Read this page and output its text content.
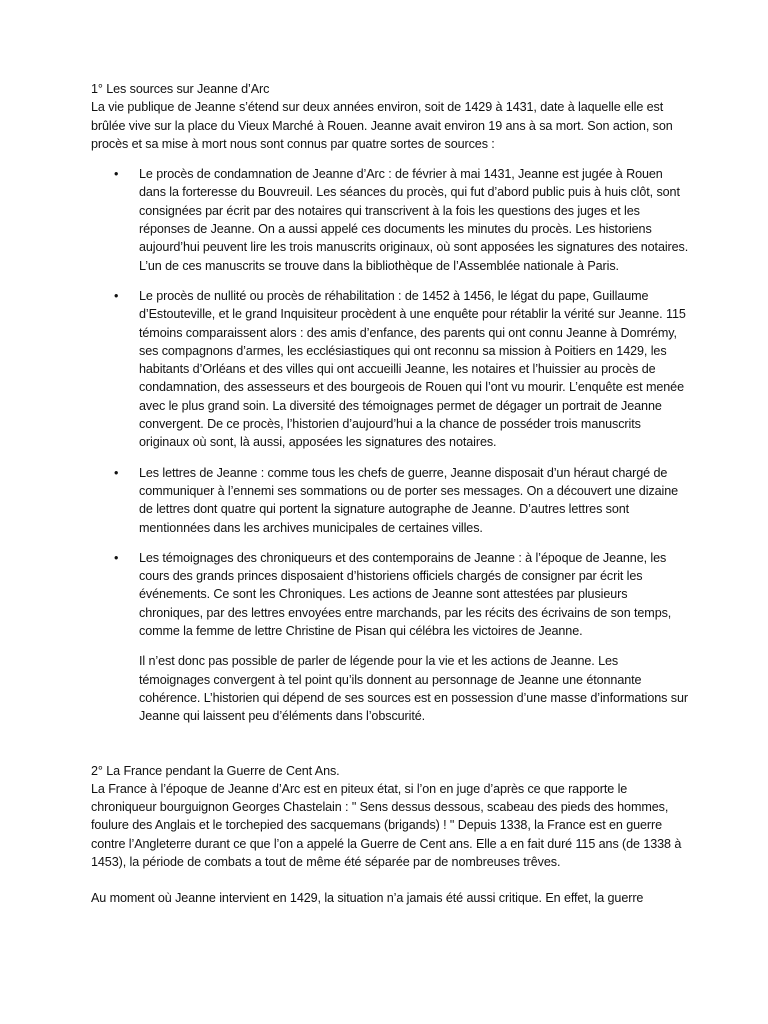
1° Les sources sur Jeanne d’Arc

La vie publique de Jeanne s’étend sur deux années environ, soit de 1429 à 1431, date à laquelle elle est brûlée vive sur la place du Vieux Marché à Rouen. Jeanne avait environ 19 ans à sa mort. Son action, son procès et sa mise à mort nous sont connus par quatre sortes de sources :

• Le procès de condamnation de Jeanne d’Arc : de février à mai 1431, Jeanne est jugée à Rouen dans la forteresse du Bouvreuil. Les séances du procès, qui fut d’abord public puis à huis clôt, sont consignées par écrit par des notaires qui transcrivent à la fois les questions des juges et les réponses de Jeanne. On a aussi appelé ces documents les minutes du procès. Les historiens aujourd’hui peuvent lire les trois manuscrits originaux, où sont apposées les signatures des notaires. L’un de ces manuscrits se trouve dans la bibliothèque de l’Assemblée nationale à Paris.
• Le procès de nullité ou procès de réhabilitation : de 1452 à 1456, le légat du pape, Guillaume d’Estouteville, et le grand Inquisiteur procèdent à une enquête pour rétablir la vérité sur Jeanne. 115 témoins comparaissent alors : des amis d’enfance, des parents qui ont connu Jeanne à Domrémy, ses compagnons d’armes, les ecclésiastiques qui ont reconnu sa mission à Poitiers en 1429, les habitants d’Orléans et des villes qui ont accueilli Jeanne, les notaires et l’huissier au procès de condamnation, des assesseurs et des bourgeois de Rouen qui l’ont vu mourir. L’enquête est menée avec le plus grand soin. La diversité des témoignages permet de dégager un portrait de Jeanne convergent. De ce procès, l’historien d’aujourd’hui a la chance de posséder trois manuscrits originaux où sont, là aussi, apposées les signatures des notaires.
• Les lettres de Jeanne : comme tous les chefs de guerre, Jeanne disposait d’un héraut chargé de communiquer à l’ennemi ses sommations ou de porter ses messages. On a découvert une dizaine de lettres dont quatre qui portent la signature autographe de Jeanne. D’autres lettres sont mentionnées dans les archives municipales de certaines villes.
• Les témoignages des chroniqueurs et des contemporains de Jeanne : à l’époque de Jeanne, les cours des grands princes disposaient d’historiens officiels chargés de consigner par écrit les événements. Ce sont les Chroniques. Les actions de Jeanne sont attestées par plusieurs chroniques, par des lettres envoyées entre marchands, par les récits des écrivains de son temps, comme la femme de lettre Christine de Pisan qui célébra les victoires de Jeanne.

Il n’est donc pas possible de parler de légende pour la vie et les actions de Jeanne. Les témoignages convergent à tel point qu’ils donnent au personnage de Jeanne une étonnante cohérence. L’historien qui dépend de ses sources est en possession d’une masse d’informations sur Jeanne qui laissent peu d’éléments dans l’obscurité.

2° La France pendant la Guerre de Cent Ans.

La France à l’époque de Jeanne d’Arc est en piteux état, si l’on en juge d’après ce que rapporte le chroniqueur bourguignon Georges Chastelain : " Sens dessus dessous, scabeau des pieds des hommes, foulure des Anglais et le torchepied des sacquemans (brigands) ! " Depuis 1338, la France est en guerre contre l’Angleterre durant ce que l’on a appelé la Guerre de Cent ans. Elle a en fait duré 115 ans (de 1338 à 1453), la période de combats a tout de même été séparée par de nombreuses trêves.

Au moment où Jeanne intervient en 1429, la situation n’a jamais été aussi critique. En effet, la guerre
